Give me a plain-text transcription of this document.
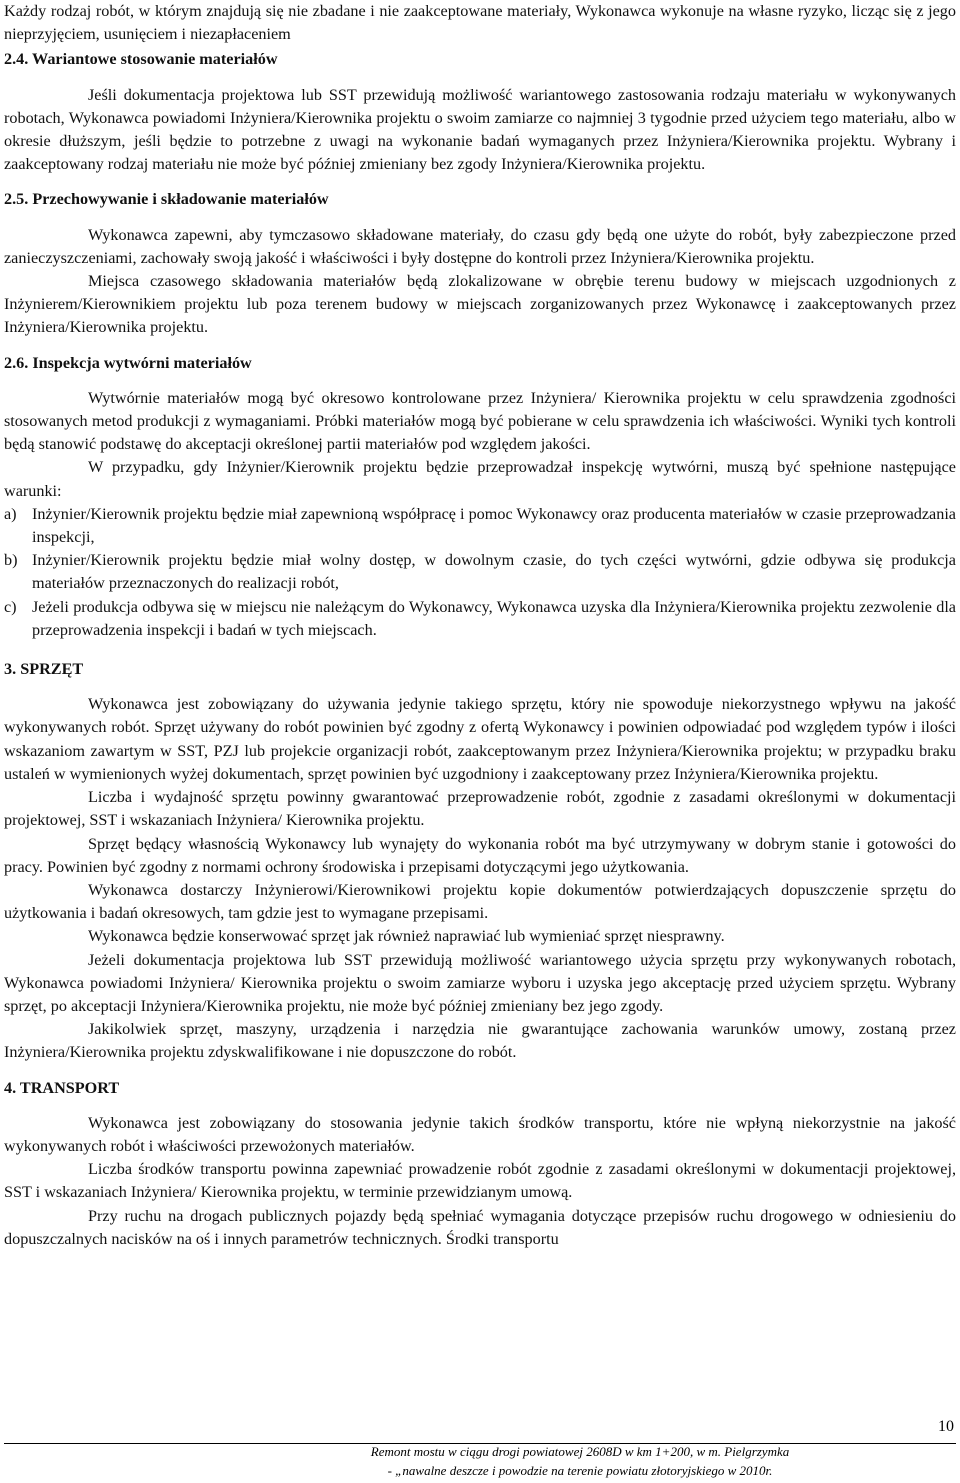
Każdy rodzaj robót, w którym znajdują się nie zbadane i nie zaakceptowane materiały, Wykonawca wykonuje na własne ryzyko, licząc się z jego nieprzyjęciem, usunięciem i niezapłaceniem

2.4. Wariantowe stosowanie materiałów

Jeśli dokumentacja projektowa lub SST przewidują możliwość wariantowego zastosowania rodzaju materiału w wykonywanych robotach, Wykonawca powiadomi Inżyniera/Kierownika projektu o swoim zamiarze co najmniej 3 tygodnie przed użyciem tego materiału, albo w okresie dłuższym, jeśli będzie to potrzebne z uwagi na wykonanie badań wymaganych przez Inżyniera/Kierownika projektu. Wybrany i zaakceptowany rodzaj materiału nie może być później zmieniany bez zgody Inżyniera/Kierownika projektu.

2.5. Przechowywanie i składowanie materiałów

Wykonawca zapewni, aby tymczasowo składowane materiały, do czasu gdy będą one użyte do robót, były zabezpieczone przed zanieczyszczeniami, zachowały swoją jakość i właściwości i były dostępne do kontroli przez Inżyniera/Kierownika projektu.

Miejsca czasowego składowania materiałów będą zlokalizowane w obrębie terenu budowy w miejscach uzgodnionych z Inżynierem/Kierownikiem projektu lub poza terenem budowy w miejscach zorganizowanych przez Wykonawcę i zaakceptowanych przez Inżyniera/Kierownika projektu.

2.6. Inspekcja wytwórni materiałów

Wytwórnie materiałów mogą być okresowo kontrolowane przez Inżyniera/ Kierownika projektu w celu sprawdzenia zgodności stosowanych metod produkcji z wymaganiami. Próbki materiałów mogą być pobierane w celu sprawdzenia ich właściwości. Wyniki tych kontroli będą stanowić podstawę do akceptacji określonej partii materiałów pod względem jakości.

W przypadku, gdy Inżynier/Kierownik projektu będzie przeprowadzał inspekcję wytwórni, muszą być spełnione następujące warunki:

a) Inżynier/Kierownik projektu będzie miał zapewnioną współpracę i pomoc Wykonawcy oraz producenta materiałów w czasie przeprowadzania inspekcji,
b) Inżynier/Kierownik projektu będzie miał wolny dostęp, w dowolnym czasie, do tych części wytwórni, gdzie odbywa się produkcja materiałów przeznaczonych do realizacji robót,
c) Jeżeli produkcja odbywa się w miejscu nie należącym do Wykonawcy, Wykonawca uzyska dla Inżyniera/Kierownika projektu zezwolenie dla przeprowadzenia inspekcji i badań w tych miejscach.

3. SPRZĘT

Wykonawca jest zobowiązany do używania jedynie takiego sprzętu, który nie spowoduje niekorzystnego wpływu na jakość wykonywanych robót. Sprzęt używany do robót powinien być zgodny z ofertą Wykonawcy i powinien odpowiadać pod względem typów i ilości wskazaniom zawartym w SST, PZJ lub projekcie organizacji robót, zaakceptowanym przez Inżyniera/Kierownika projektu; w przypadku braku ustaleń w wymienionych wyżej dokumentach, sprzęt powinien być uzgodniony i zaakceptowany przez Inżyniera/Kierownika projektu.

Liczba i wydajność sprzętu powinny gwarantować przeprowadzenie robót, zgodnie z zasadami określonymi w dokumentacji projektowej, SST i wskazaniach Inżyniera/ Kierownika projektu.

Sprzęt będący własnością Wykonawcy lub wynajęty do wykonania robót ma być utrzymywany w dobrym stanie i gotowości do pracy. Powinien być zgodny z normami ochrony środowiska i przepisami dotyczącymi jego użytkowania.

Wykonawca dostarczy Inżynierowi/Kierownikowi projektu kopie dokumentów potwierdzających dopuszczenie sprzętu do użytkowania i badań okresowych, tam gdzie jest to wymagane przepisami.

Wykonawca będzie konserwować sprzęt jak również naprawiać lub wymieniać sprzęt niesprawny.

Jeżeli dokumentacja projektowa lub SST przewidują możliwość wariantowego użycia sprzętu przy wykonywanych robotach, Wykonawca powiadomi Inżyniera/ Kierownika projektu o swoim zamiarze wyboru i uzyska jego akceptację przed użyciem sprzętu. Wybrany sprzęt, po akceptacji Inżyniera/Kierownika projektu, nie może być później zmieniany bez jego zgody.

Jakikolwiek sprzęt, maszyny, urządzenia i narzędzia nie gwarantujące zachowania warunków umowy, zostaną przez Inżyniera/Kierownika projektu zdyskwalifikowane i nie dopuszczone do robót.

4. TRANSPORT

Wykonawca jest zobowiązany do stosowania jedynie takich środków transportu, które nie wpłyną niekorzystnie na jakość wykonywanych robót i właściwości przewożonych materiałów.

Liczba środków transportu powinna zapewniać prowadzenie robót zgodnie z zasadami określonymi w dokumentacji projektowej, SST i wskazaniach Inżyniera/ Kierownika projektu, w terminie przewidzianym umową.

Przy ruchu na drogach publicznych pojazdy będą spełniać wymagania dotyczące przepisów ruchu drogowego w odniesieniu do dopuszczalnych nacisków na oś i innych parametrów technicznych. Środki transportu

10
Remont mostu w ciągu drogi powiatowej 2608D w km 1+200, w m. Pielgrzymka
- „nawalne deszcze i powodzie na terenie powiatu złotoryjskiego w 2010r.
